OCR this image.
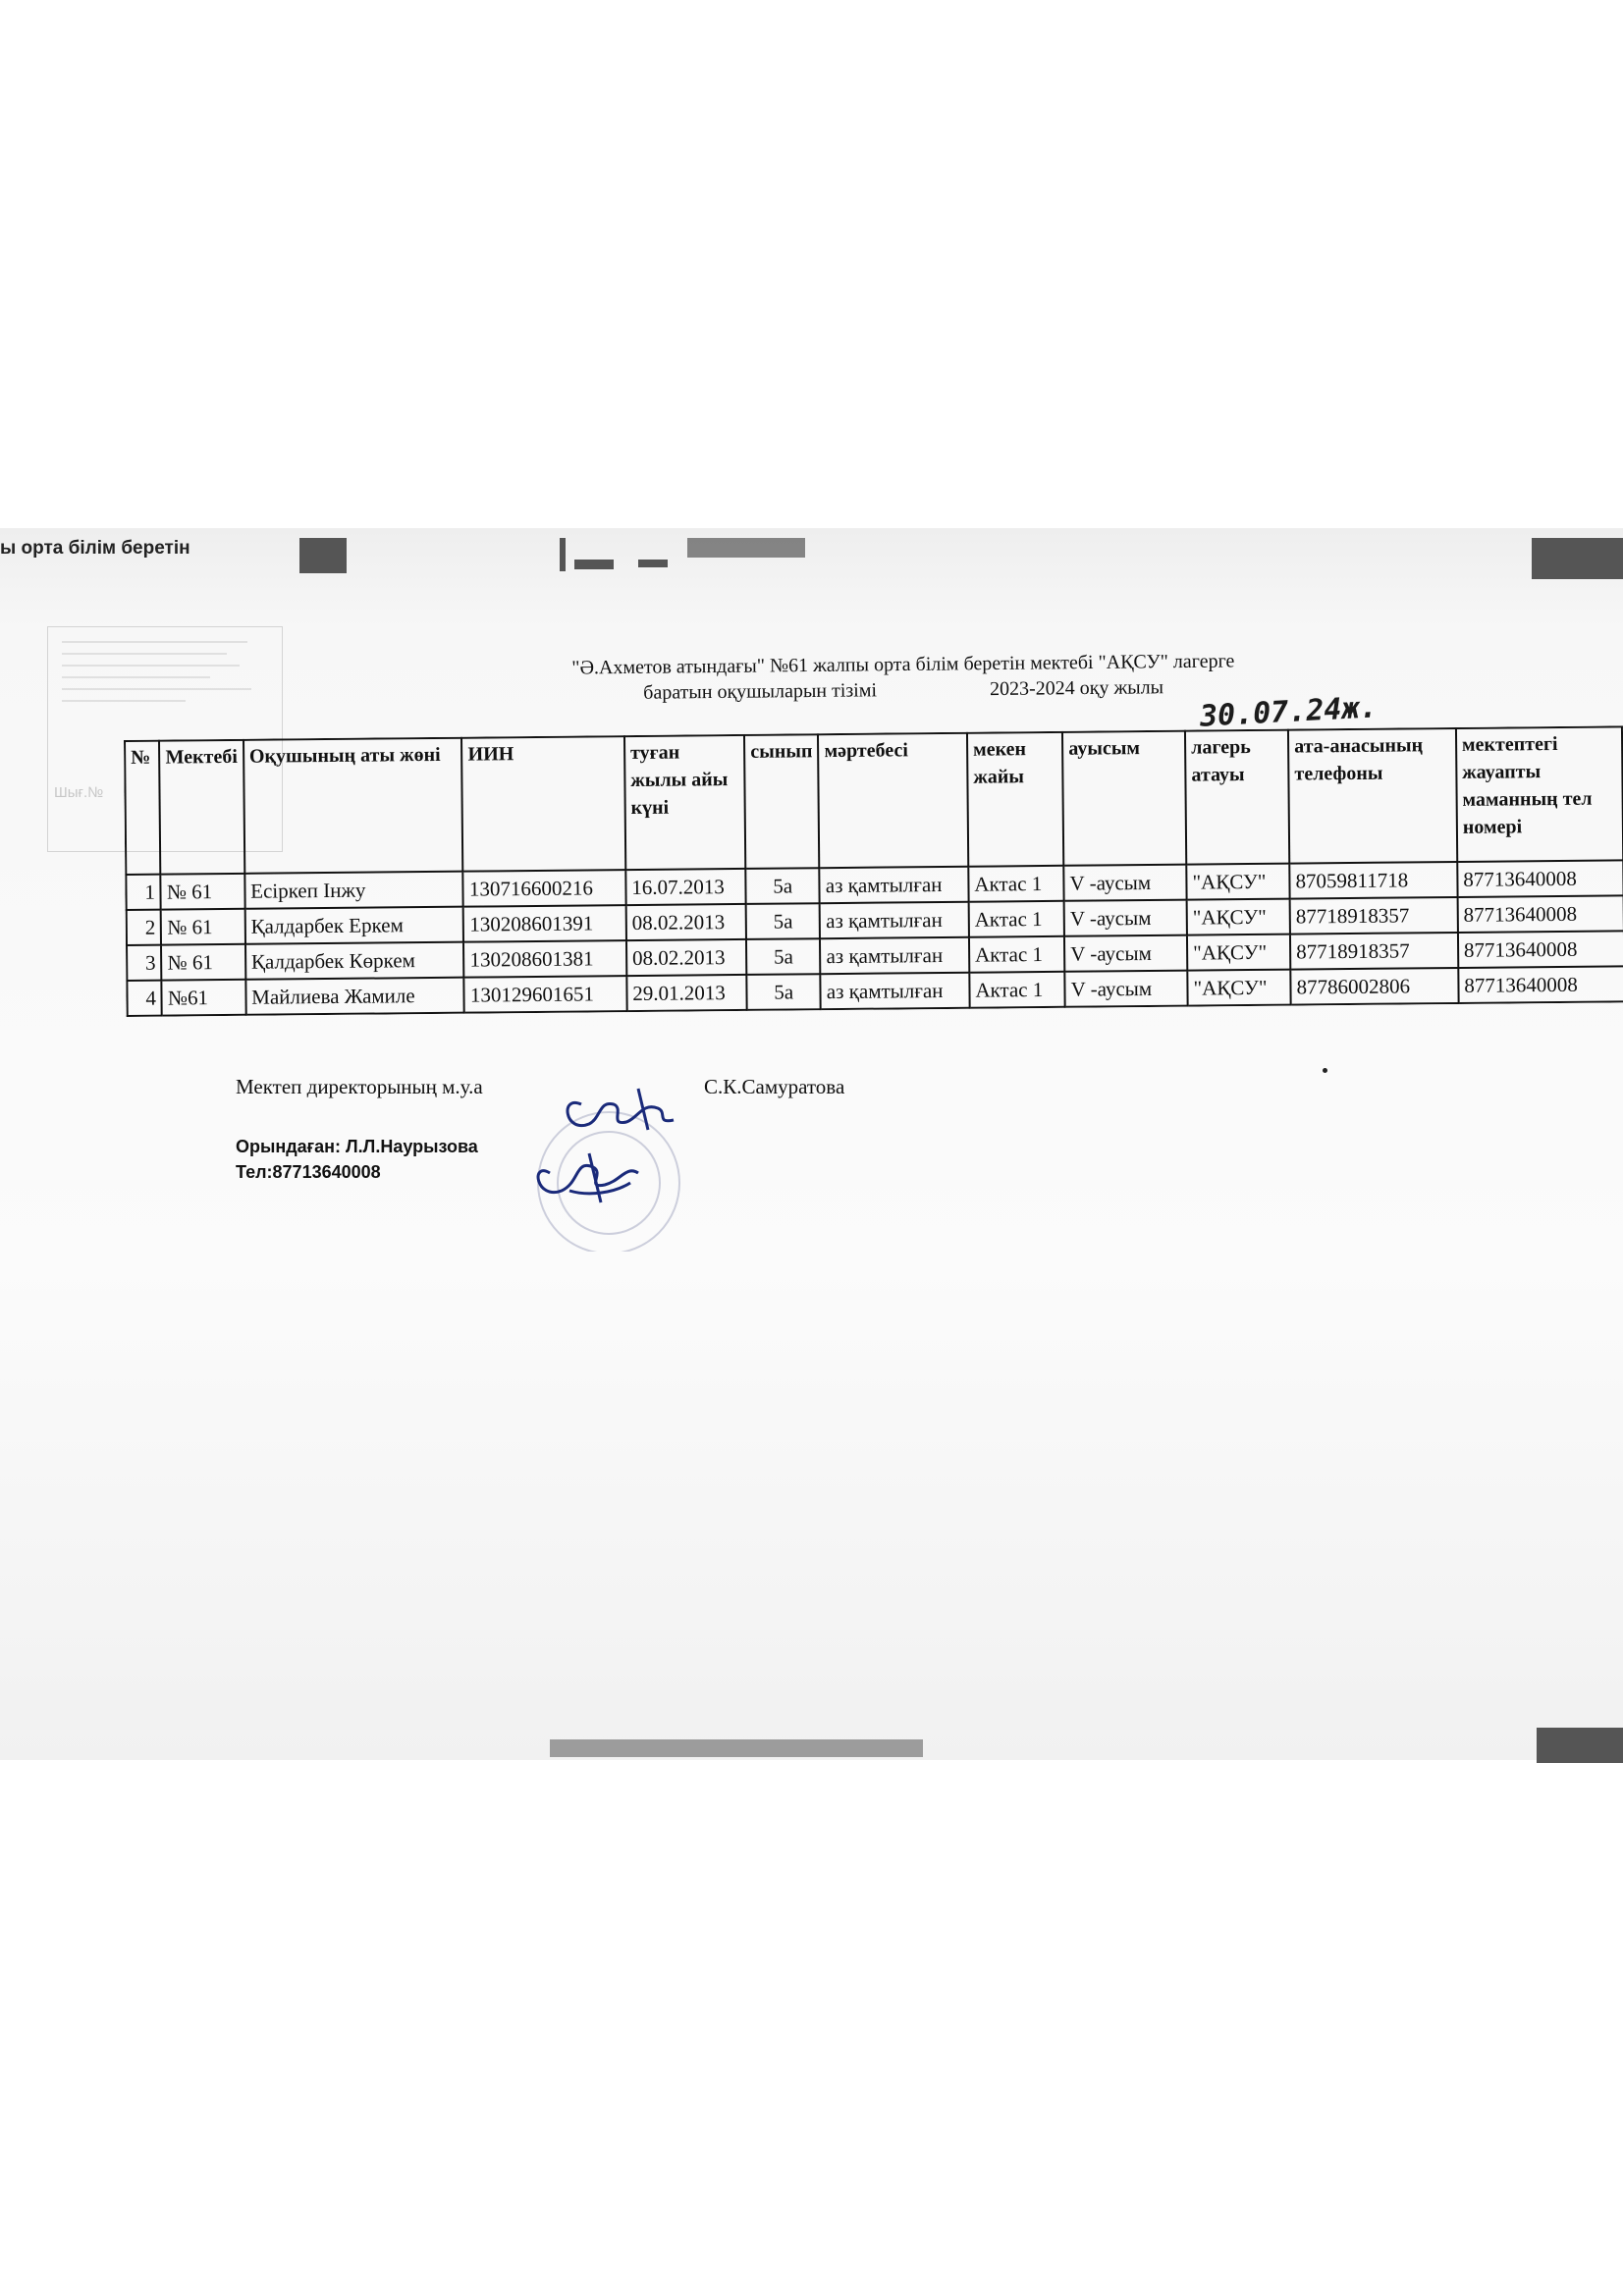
ы орта білім беретін
Шығ.№
"Ә.Ахметов атындағы" №61 жалпы орта білім беретін мектебі "АҚСУ" лагерге
баратын оқушыларын тізімі	2023-2024 оқу жылы
30.07.24ж.
№	Мектебі	Оқушының аты жөні	ИИН	туған жылы айы күні	сынып	мәртебесі	мекен жайы	ауысым	лагерь атауы	ата-анасының телефоны	мектептегі жауапты маманның тел номері
1	№ 61	Есіркеп Інжу	130716600216	16.07.2013	5а	аз қамтылған	Актас 1	V -аусым	"АҚСУ"	87059811718	87713640008
2	№ 61	Қалдарбек Еркем	130208601391	08.02.2013	5а	аз қамтылған	Актас 1	V -аусым	"АҚСУ"	87718918357	87713640008
3	№ 61	Қалдарбек Көркем	130208601381	08.02.2013	5а	аз қамтылған	Актас 1	V -аусым	"АҚСУ"	87718918357	87713640008
4	№61	Майлиева Жамиле	130129601651	29.01.2013	5а	аз қамтылған	Актас 1	V -аусым	"АҚСУ"	87786002806	87713640008
Мектеп директорының м.у.а	С.К.Самуратова
Орындаған: Л.Л.Наурызова
Тел:87713640008
